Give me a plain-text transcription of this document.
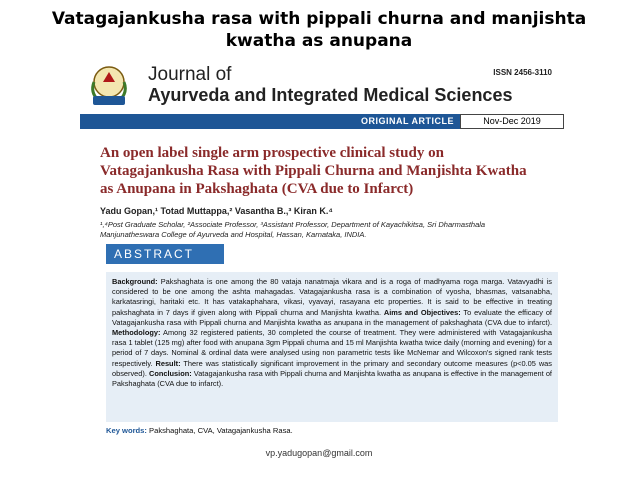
Vatagajankusha rasa with pippali churna and manjishta kwatha as anupana
Journal of
Ayurveda and Integrated Medical Sciences
ISSN 2456-3110
ORIGINAL ARTICLE	Nov-Dec 2019
An open label single arm prospective clinical study on Vatagajankusha Rasa with Pippali Churna and Manjishta Kwatha as Anupana in Pakshaghata (CVA due to Infarct)
Yadu Gopan,¹ Totad Muttappa,² Vasantha B.,³ Kiran K.⁴
¹,⁴Post Graduate Scholar, ²Associate Professor, ³Assistant Professor, Department of Kayachikitsa, Sri Dharmasthala Manjunatheswara College of Ayurveda and Hospital, Hassan, Karnataka, INDIA.
ABSTRACT
Background: Pakshaghata is one among the 80 vataja nanatmaja vikara and is a roga of madhyama roga marga. Vatavyadhi is considered to be one among the ashta mahagadas. Vatagajankusha rasa is a combination of vyosha, bhasmas, vatsanabha, karkatasringi, haritaki etc. It has vatakaphahara, vikasi, vyavayi, rasayana etc properties. It is said to be effective in treating pakshaghata in 7 days if given along with Pippali churna and Manjishta kwatha. Aims and Objectives: To evaluate the efficacy of Vatagajankusha rasa with Pippali churna and Manjishta kwatha as anupana in the management of pakshaghata (CVA due to infarct). Methodology: Among 32 registered patients, 30 completed the course of treatment. They were administered with Vatagajankusha rasa 1 tablet (125 mg) after food with anupana 3gm Pippali churna and 15 ml Manjishta kwatha twice daily (morning and evening) for a period of 7 days. Nominal & ordinal data were analysed using non parametric tests like McNemar and Wilcoxon's signed rank tests respectively. Result: There was statistically significant improvement in the primary and secondary outcome measures (p<0.05 was observed). Conclusion: Vatagajankusha rasa with Pippali churna and Manjishta kwatha as anupana is effective in the management of Pakshaghata (CVA due to infarct).
Key words: Pakshaghata, CVA, Vatagajankusha Rasa.
vp.yadugopan@gmail.com
